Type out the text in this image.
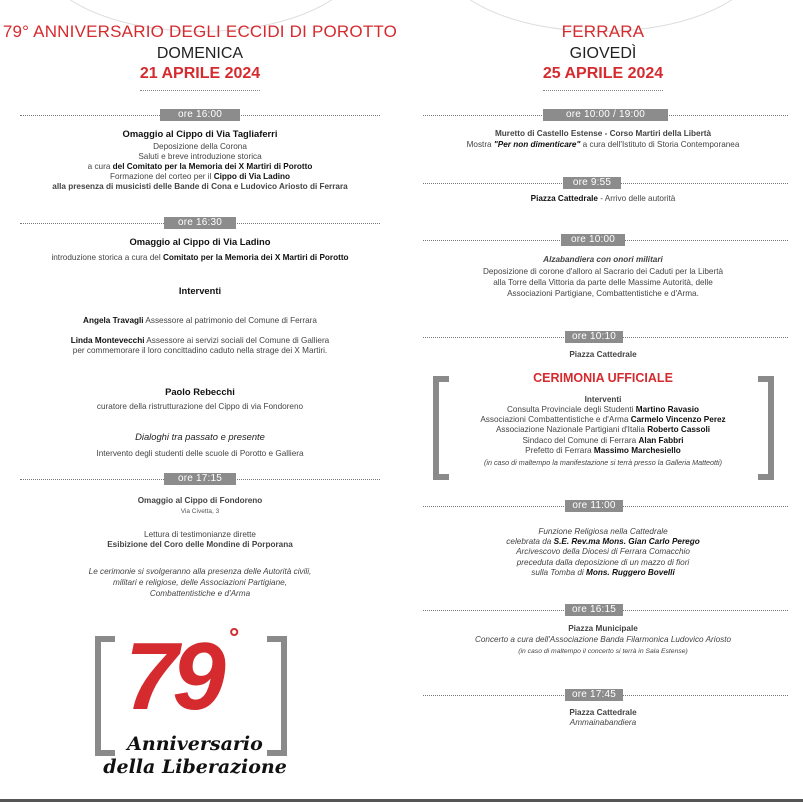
79° ANNIVERSARIO DEGLI ECCIDI DI POROTTO
DOMENICA
21 APRILE 2024
ore 16:00
Omaggio al Cippo di Via Tagliaferri
Deposizione della Corona
Saluti e breve introduzione storica
a cura del Comitato per la Memoria dei X Martiri di Porotto
Formazione del corteo per il Cippo di Via Ladino
alla presenza di musicisti delle Bande di Cona e Ludovico Ariosto di Ferrara
ore 16:30
Omaggio al Cippo di Via Ladino
introduzione storica a cura del Comitato per la Memoria dei X Martiri di Porotto
Interventi
Angela Travagli Assessore al patrimonio del Comune di Ferrara
Linda Montevecchi Assessore ai servizi sociali del Comune di Galliera
per commemorare il loro concittadino caduto nella strage dei X Martiri.
Paolo Rebecchi
curatore della ristrutturazione del Cippo di via Fondoreno
Dialoghi tra passato e presente
Intervento degli studenti delle scuole di Porotto e Galliera
ore 17:15
Omaggio al Cippo di Fondoreno
Via Civetta, 3
Lettura di testimonianze dirette
Esibizione del Coro delle Mondine di Porporana
Le cerimonie si svolgeranno alla presenza delle Autorità civili,
militari e religiose, delle Associazioni Partigiane,
Combattentistiche e d'Arma
79 °
Anniversario
della Liberazione
FERRARA
GIOVEDÌ
25 APRILE 2024
ore 10:00 / 19:00
Muretto di Castello Estense - Corso Martiri della Libertà
Mostra "Per non dimenticare" a cura dell'Istituto di Storia Contemporanea
ore 9:55
Piazza Cattedrale - Arrivo delle autorità
ore 10:00
Alzabandiera con onori militari
Deposizione di corone d'alloro al Sacrario dei Caduti per la Libertà
alla Torre della Vittoria da parte delle Massime Autorità, delle
Associazioni Partigiane, Combattentistiche e d'Arma.
ore 10:10
Piazza Cattedrale
CERIMONIA UFFICIALE
Interventi
Consulta Provinciale degli Studenti Martino Ravasio
Associazioni Combattentistiche e d'Arma Carmelo Vincenzo Perez
Associazione Nazionale Partigiani d'Italia Roberto Cassoli
Sindaco del Comune di Ferrara Alan Fabbri
Prefetto di Ferrara Massimo Marchesiello
(in caso di maltempo la manifestazione si terrà presso la Galleria Matteotti)
ore 11:00
Funzione Religiosa nella Cattedrale
celebrata da S.E. Rev.ma Mons. Gian Carlo Perego
Arcivescovo della Diocesi di Ferrara Comacchio
preceduta dalla deposizione di un mazzo di fiori
sulla Tomba di Mons. Ruggero Bovelli
ore 16:15
Piazza Municipale
Concerto a cura dell'Associazione Banda Filarmonica Ludovico Ariosto
(in caso di maltempo il concerto si terrà in Sala Estense)
ore 17:45
Piazza Cattedrale
Ammainabandiera
